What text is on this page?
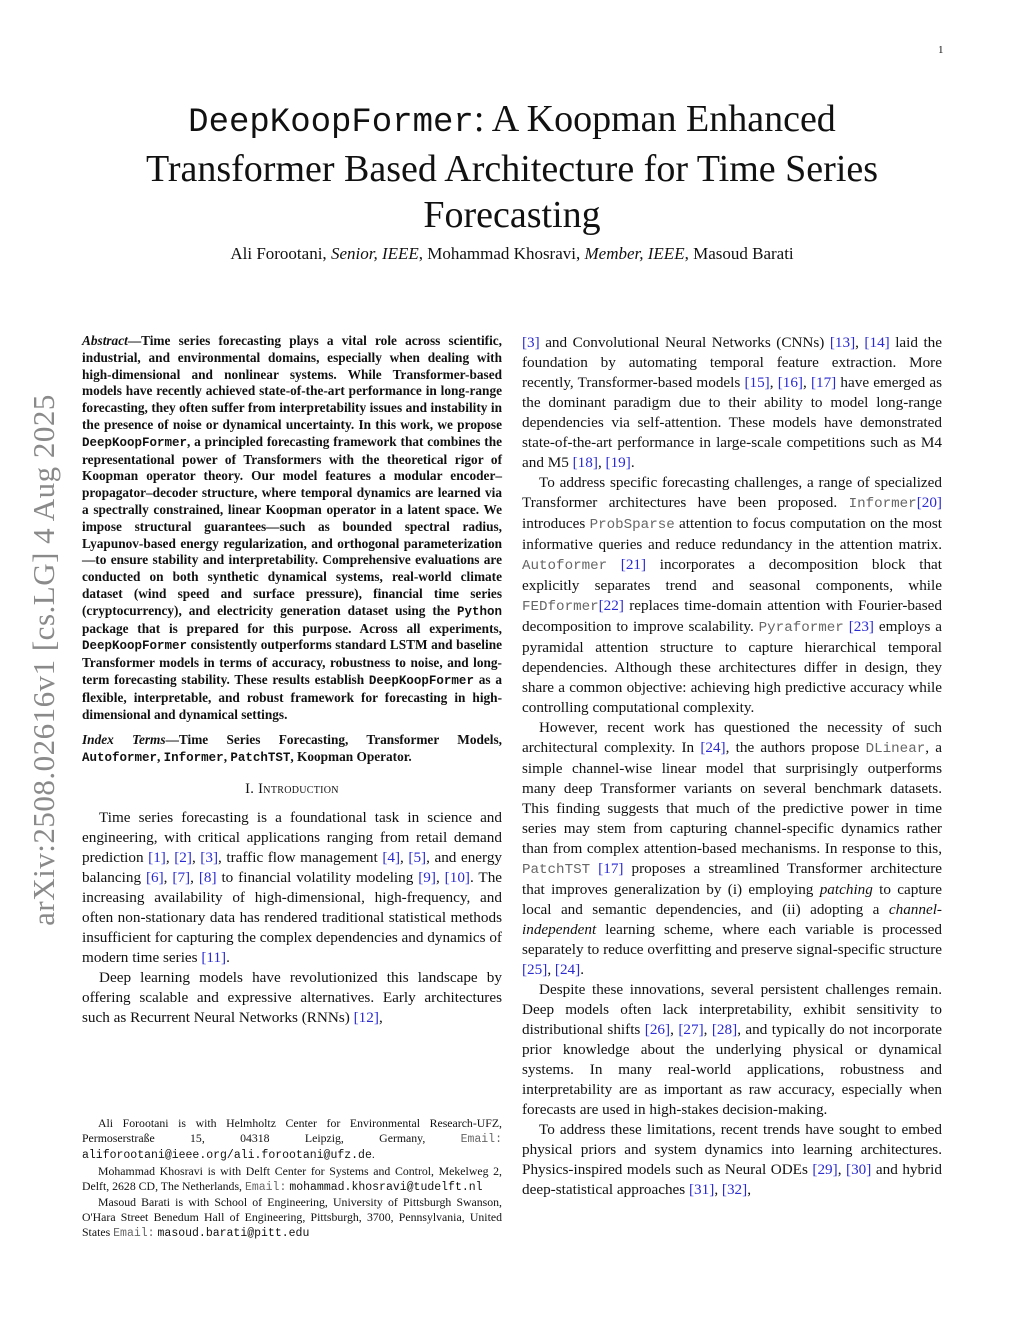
1
arXiv:2508.02616v1 [cs.LG] 4 Aug 2025
DeepKoopFormer: A Koopman Enhanced Transformer Based Architecture for Time Series Forecasting
Ali Forootani, Senior, IEEE, Mohammad Khosravi, Member, IEEE, Masoud Barati

Abstract—Time series forecasting plays a vital role across scientific, industrial, and environmental domains, especially when dealing with high-dimensional and nonlinear systems. While Transformer-based models have recently achieved state-of-the-art performance in long-range forecasting, they often suffer from interpretability issues and instability in the presence of noise or dynamical uncertainty. In this work, we propose DeepKoopFormer, a principled forecasting framework that combines the representational power of Transformers with the theoretical rigor of Koopman operator theory. Our model features a modular encoder–propagator–decoder structure, where temporal dynamics are learned via a spectrally constrained, linear Koopman operator in a latent space. We impose structural guarantees—such as bounded spectral radius, Lyapunov-based energy regularization, and orthogonal parameterization—to ensure stability and interpretability. Comprehensive evaluations are conducted on both synthetic dynamical systems, real-world climate dataset (wind speed and surface pressure), financial time series (cryptocurrency), and electricity generation dataset using the Python package that is prepared for this purpose. Across all experiments, DeepKoopFormer consistently outperforms standard LSTM and baseline Transformer models in terms of accuracy, robustness to noise, and long-term forecasting stability. These results establish DeepKoopFormer as a flexible, interpretable, and robust framework for forecasting in high-dimensional and dynamical settings.

Index Terms—Time Series Forecasting, Transformer Models, Autoformer, Informer, PatchTST, Koopman Operator.

I. Introduction

Time series forecasting is a foundational task in science and engineering, with critical applications ranging from retail demand prediction [1], [2], [3], traffic flow management [4], [5], and energy balancing [6], [7], [8] to financial volatility modeling [9], [10]. The increasing availability of high-dimensional, high-frequency, and often non-stationary data has rendered traditional statistical methods insufficient for capturing the complex dependencies and dynamics of modern time series [11].

Deep learning models have revolutionized this landscape by offering scalable and expressive alternatives. Early architectures such as Recurrent Neural Networks (RNNs) [12],

Ali Forootani is with Helmholtz Center for Environmental Research-UFZ, Permoserstraße 15, 04318 Leipzig, Germany, Email: aliforootani@ieee.org/ali.forootani@ufz.de.

Mohammad Khosravi is with Delft Center for Systems and Control, Mekelweg 2, Delft, 2628 CD, The Netherlands, Email: mohammad.khosravi@tudelft.nl

Masoud Barati is with School of Engineering, University of Pittsburgh Swanson, O'Hara Street Benedum Hall of Engineering, Pittsburgh, 3700, Pennsylvania, United States Email: masoud.barati@pitt.edu

[3] and Convolutional Neural Networks (CNNs) [13], [14] laid the foundation by automating temporal feature extraction. More recently, Transformer-based models [15], [16], [17] have emerged as the dominant paradigm due to their ability to model long-range dependencies via self-attention. These models have demonstrated state-of-the-art performance in large-scale competitions such as M4 and M5 [18], [19].

To address specific forecasting challenges, a range of specialized Transformer architectures have been proposed. Informer[20] introduces ProbSparse attention to focus computation on the most informative queries and reduce redundancy in the attention matrix. Autoformer [21] incorporates a decomposition block that explicitly separates trend and seasonal components, while FEDformer[22] replaces time-domain attention with Fourier-based decomposition to improve scalability. Pyraformer [23] employs a pyramidal attention structure to capture hierarchical temporal dependencies. Although these architectures differ in design, they share a common objective: achieving high predictive accuracy while controlling computational complexity.

However, recent work has questioned the necessity of such architectural complexity. In [24], the authors propose DLinear, a simple channel-wise linear model that surprisingly outperforms many deep Transformer variants on several benchmark datasets. This finding suggests that much of the predictive power in time series may stem from capturing channel-specific dynamics rather than from complex attention-based mechanisms. In response to this, PatchTST [17] proposes a streamlined Transformer architecture that improves generalization by (i) employing patching to capture local and semantic dependencies, and (ii) adopting a channel-independent learning scheme, where each variable is processed separately to reduce overfitting and preserve signal-specific structure [25], [24].

Despite these innovations, several persistent challenges remain. Deep models often lack interpretability, exhibit sensitivity to distributional shifts [26], [27], [28], and typically do not incorporate prior knowledge about the underlying physical or dynamical systems. In many real-world applications, robustness and interpretability are as important as raw accuracy, especially when forecasts are used in high-stakes decision-making.

To address these limitations, recent trends have sought to embed physical priors and system dynamics into learning architectures. Physics-inspired models such as Neural ODEs [29], [30] and hybrid deep-statistical approaches [31], [32],
